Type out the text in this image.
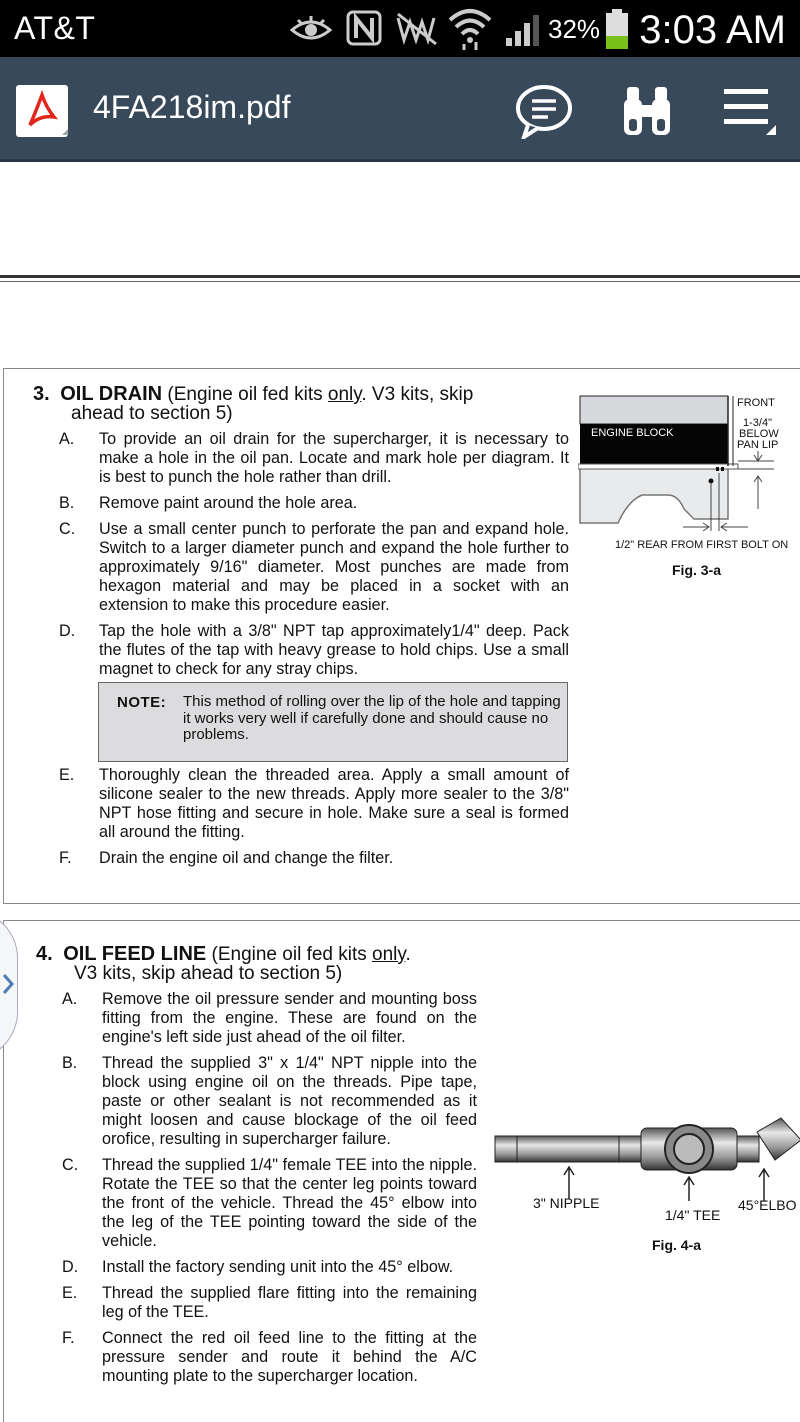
AT&T	32% 3:03 AM
4FA218im.pdf
3. OIL DRAIN (Engine oil fed kits only. V3 kits, skip
ahead to section 5)
A. To provide an oil drain for the supercharger, it is necessary to make a hole in the oil pan. Locate and mark hole per diagram. It is best to punch the hole rather than drill.
B. Remove paint around the hole area.
C. Use a small center punch to perforate the pan and expand hole. Switch to a larger diameter punch and expand the hole further to approximately 9/16" diameter. Most punches are made from hexagon material and may be placed in a socket with an extension to make this procedure easier.
D. Tap the hole with a 3/8" NPT tap approximately1/4" deep. Pack the flutes of the tap with heavy grease to hold chips. Use a small magnet to check for any stray chips.
NOTE: This method of rolling over the lip of the hole and tapping it works very well if carefully done and should cause no problems.
E. Thoroughly clean the threaded area. Apply a small amount of silicone sealer to the new threads. Apply more sealer to the 3/8" NPT hose fitting and secure in hole. Make sure a seal is formed all around the fitting.
F. Drain the engine oil and change the filter.
ENGINE BLOCK
FRONT
1-3/4"
BELOW
PAN LIP
1/2" REAR FROM FIRST BOLT ON
Fig. 3-a
4. OIL FEED LINE (Engine oil fed kits only.
V3 kits, skip ahead to section 5)
A. Remove the oil pressure sender and mounting boss fitting from the engine. These are found on the engine's left side just ahead of the oil filter.
B. Thread the supplied 3" x 1/4" NPT nipple into the block using engine oil on the threads. Pipe tape, paste or other sealant is not recommended as it might loosen and cause blockage of the oil feed orofice, resulting in supercharger failure.
C. Thread the supplied 1/4" female TEE into the nipple. Rotate the TEE so that the center leg points toward the front of the vehicle. Thread the 45° elbow into the leg of the TEE pointing toward the side of the vehicle.
D. Install the factory sending unit into the 45° elbow.
E. Thread the supplied flare fitting into the remaining leg of the TEE.
F. Connect the red oil feed line to the fitting at the pressure sender and route it behind the A/C mounting plate to the supercharger location.
3" NIPPLE
1/4" TEE
45°ELBO
Fig. 4-a
